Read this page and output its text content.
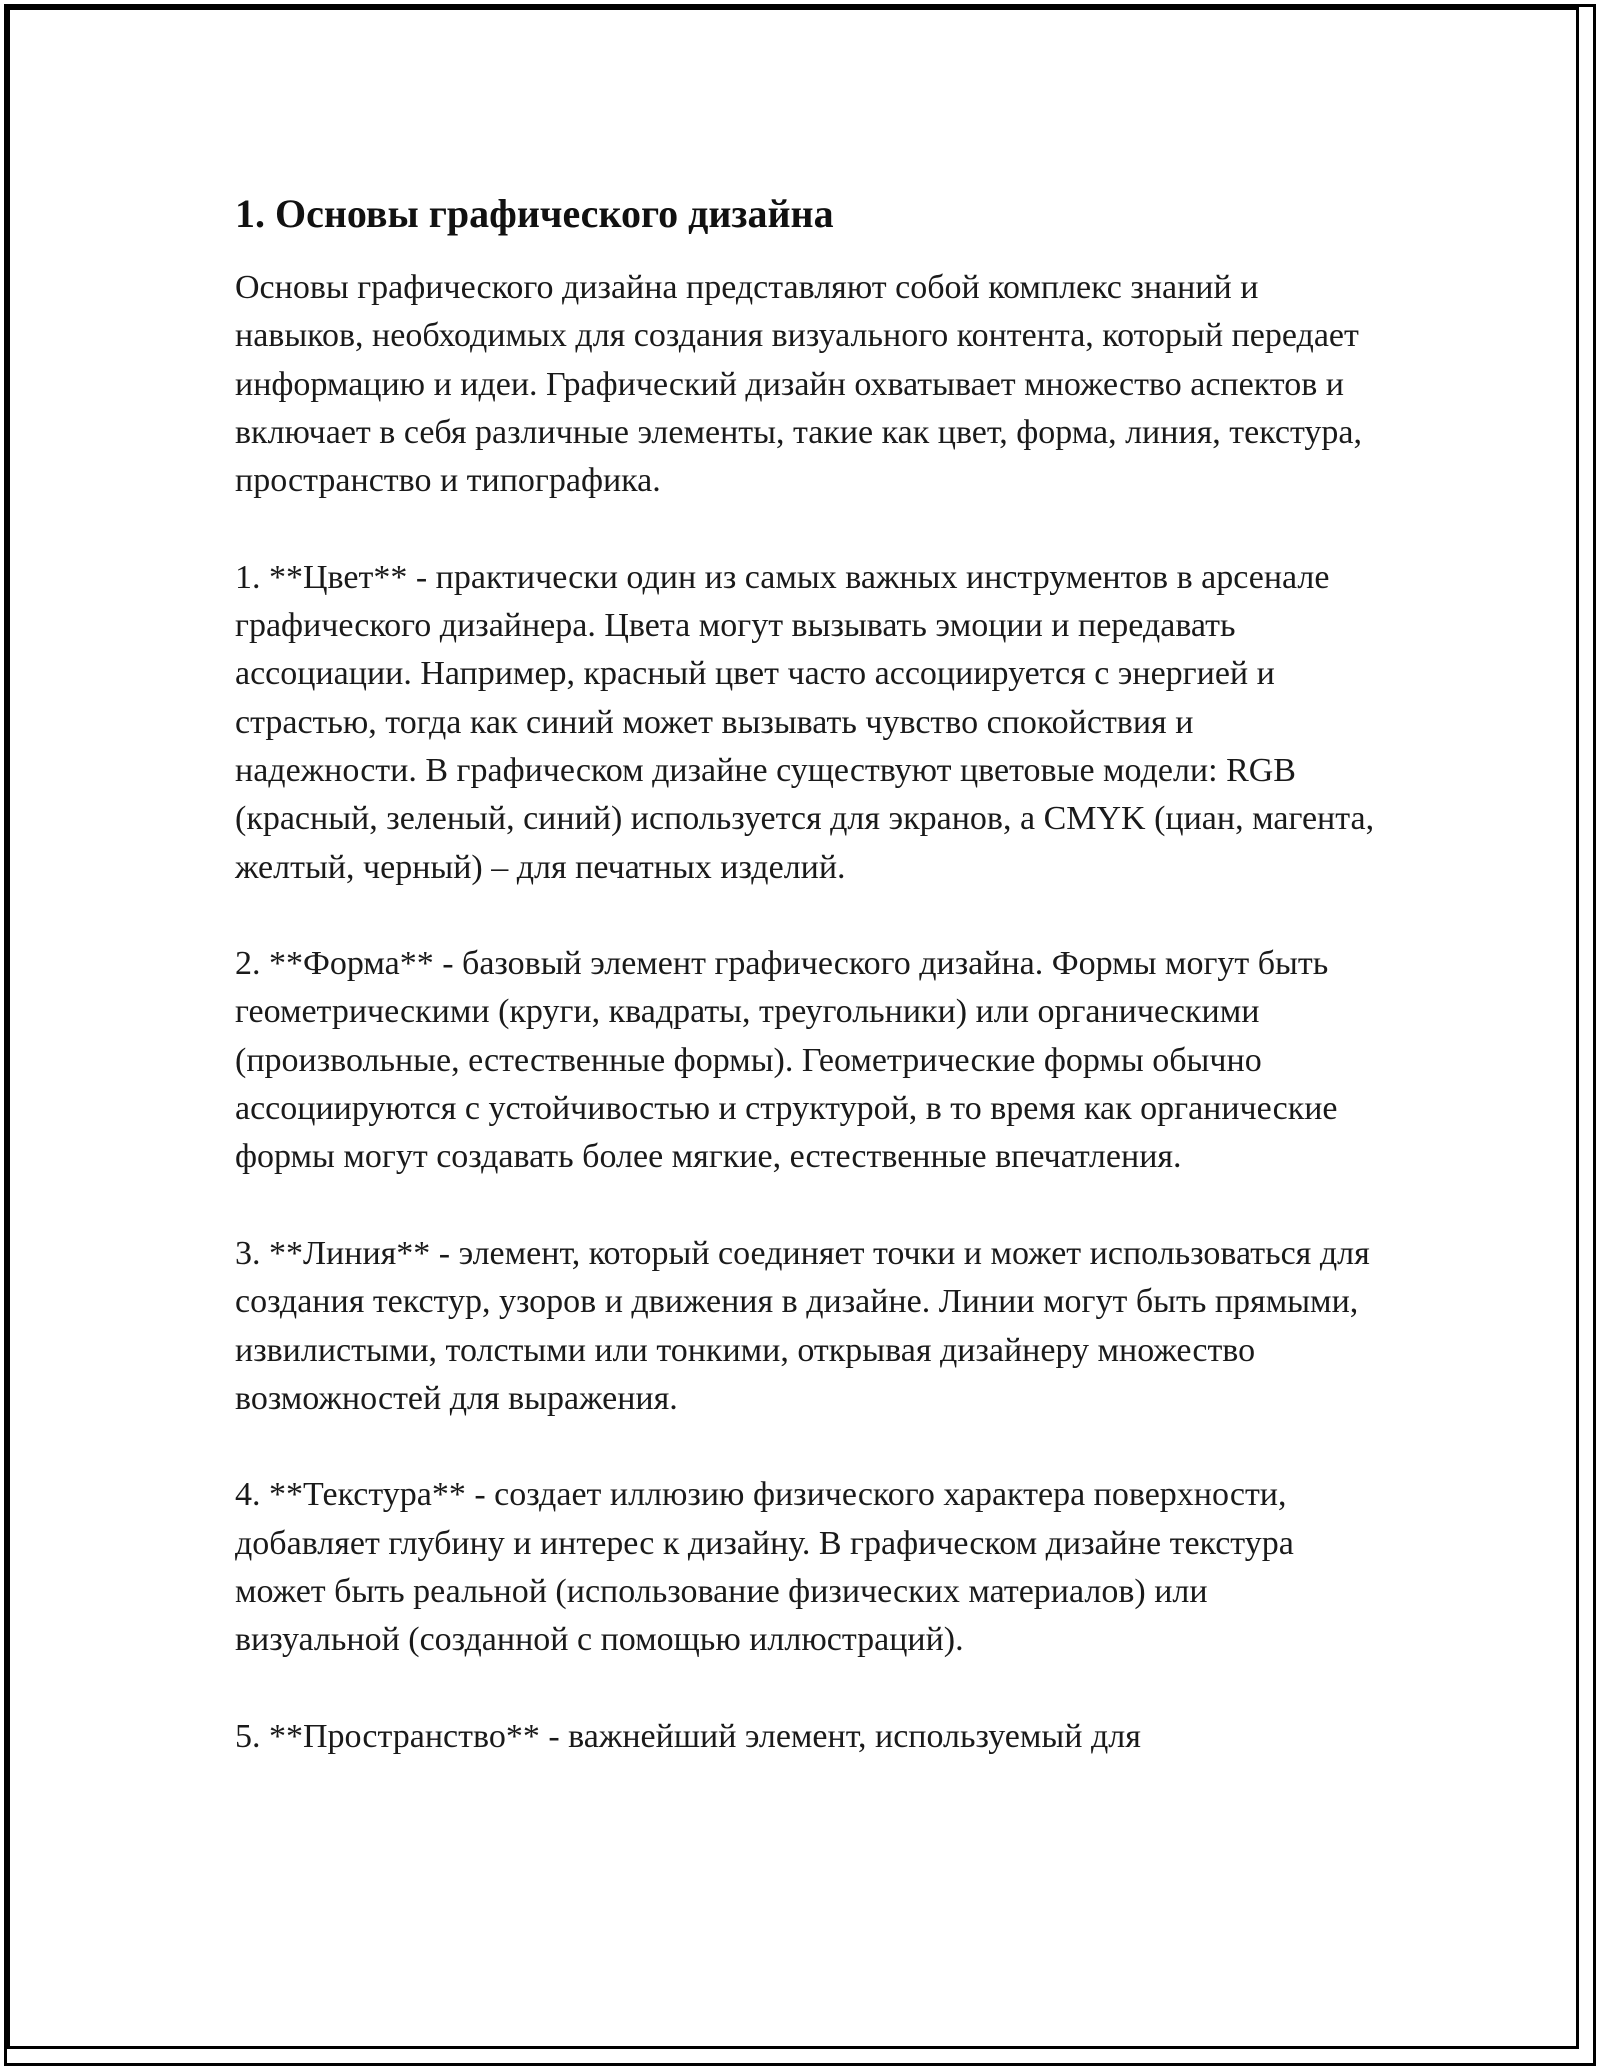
1. Основы графического дизайна

Основы графического дизайна представляют собой комплекс знаний и навыков, необходимых для создания визуального контента, который передает информацию и идеи. Графический дизайн охватывает множество аспектов и включает в себя различные элементы, такие как цвет, форма, линия, текстура, пространство и типографика.

1. **Цвет** - практически один из самых важных инструментов в арсенале графического дизайнера. Цвета могут вызывать эмоции и передавать ассоциации. Например, красный цвет часто ассоциируется с энергией и страстью, тогда как синий может вызывать чувство спокойствия и надежности. В графическом дизайне существуют цветовые модели: RGB (красный, зеленый, синий) используется для экранов, а CMYK (циан, магента, желтый, черный) – для печатных изделий.

2. **Форма** - базовый элемент графического дизайна. Формы могут быть геометрическими (круги, квадраты, треугольники) или органическими (произвольные, естественные формы). Геометрические формы обычно ассоциируются с устойчивостью и структурой, в то время как органические формы могут создавать более мягкие, естественные впечатления.

3. **Линия** - элемент, который соединяет точки и может использоваться для создания текстур, узоров и движения в дизайне. Линии могут быть прямыми, извилистыми, толстыми или тонкими, открывая дизайнеру множество возможностей для выражения.

4. **Текстура** - создает иллюзию физического характера поверхности, добавляет глубину и интерес к дизайну. В графическом дизайне текстура может быть реальной (использование физических материалов) или визуальной (созданной с помощью иллюстраций).

5. **Пространство** - важнейший элемент, используемый для
